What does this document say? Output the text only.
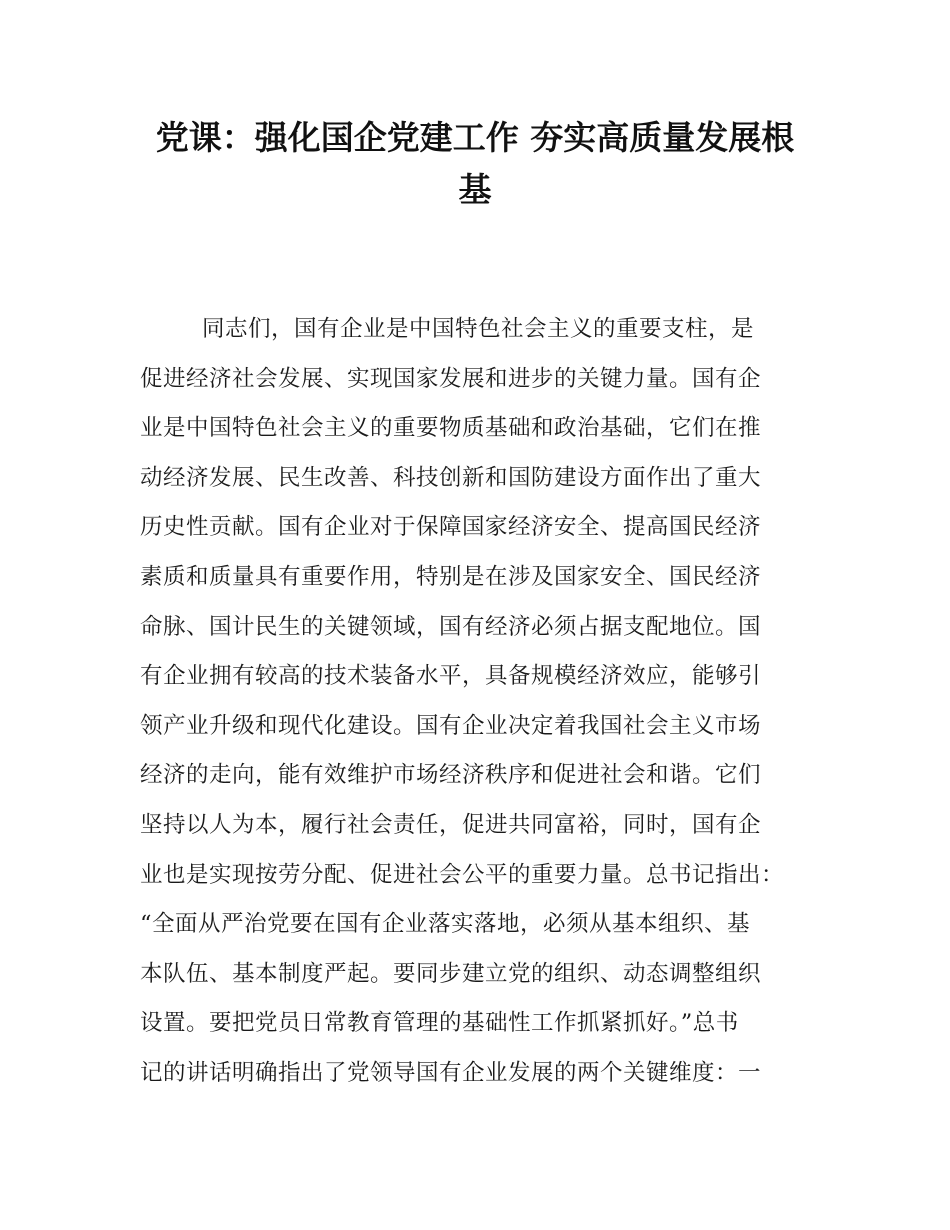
党课：强化国企党建工作 夯实高质量发展根
基
同志们，国有企业是中国特色社会主义的重要支柱，是
促进经济社会发展、实现国家发展和进步的关键力量。国有企
业是中国特色社会主义的重要物质基础和政治基础，它们在推
动经济发展、民生改善、科技创新和国防建设方面作出了重大
历史性贡献。国有企业对于保障国家经济安全、提高国民经济
素质和质量具有重要作用，特别是在涉及国家安全、国民经济
命脉、国计民生的关键领域，国有经济必须占据支配地位。国
有企业拥有较高的技术装备水平，具备规模经济效应，能够引
领产业升级和现代化建设。国有企业决定着我国社会主义市场
经济的走向，能有效维护市场经济秩序和促进社会和谐。它们
坚持以人为本，履行社会责任，促进共同富裕，同时，国有企
业也是实现按劳分配、促进社会公平的重要力量。总书记指出：
“全面从严治党要在国有企业落实落地，必须从基本组织、基
本队伍、基本制度严起。要同步建立党的组织、动态调整组织
设置。要把党员日常教育管理的基础性工作抓紧抓好。”总书
记的讲话明确指出了党领导国有企业发展的两个关键维度：一
